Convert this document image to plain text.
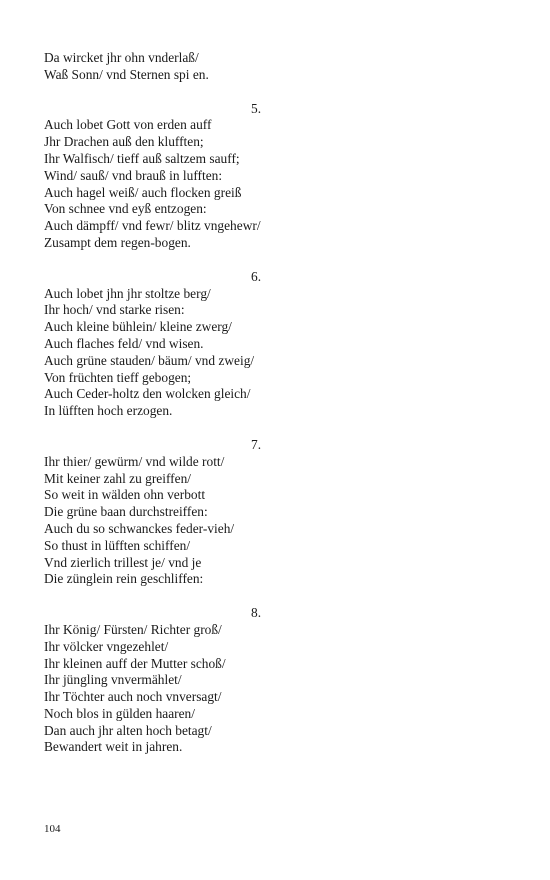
Da wircket jhr ohn vnderlaß/
Waß Sonn/ vnd Sternen spi en.
5.
Auch lobet Gott von erden auff
Jhr Drachen auß den klufften;
Ihr Walfisch/ tieff auß saltzem sauff;
Wind/ sauß/ vnd brauß in lufften:
Auch hagel weiß/ auch flocken greiß
Von schnee vnd eyß entzogen:
Auch dämpff/ vnd fewr/ blitz vngehewr/
Zusampt dem regen-bogen.
6.
Auch lobet jhn jhr stoltze berg/
Ihr hoch/ vnd starke risen:
Auch kleine bühlein/ kleine zwerg/
Auch flaches feld/ vnd wisen.
Auch grüne stauden/ bäum/ vnd zweig/
Von früchten tieff gebogen;
Auch Ceder-holtz den wolcken gleich/
In lüfften hoch erzogen.
7.
Ihr thier/ gewürm/ vnd wilde rott/
Mit keiner zahl zu greiffen/
So weit in wälden ohn verbott
Die grüne baan durchstreiffen:
Auch du so schwanckes feder-vieh/
So thust in lüfften schiffen/
Vnd zierlich trillest je/ vnd je
Die zünglein rein geschliffen:
8.
Ihr König/ Fürsten/ Richter groß/
Ihr völcker vngezehlet/
Ihr kleinen auff der Mutter schoß/
Ihr jüngling vnvermählet/
Ihr Töchter auch noch vnversagt/
Noch blos in gülden haaren/
Dan auch jhr alten hoch betagt/
Bewandert weit in jahren.
104
